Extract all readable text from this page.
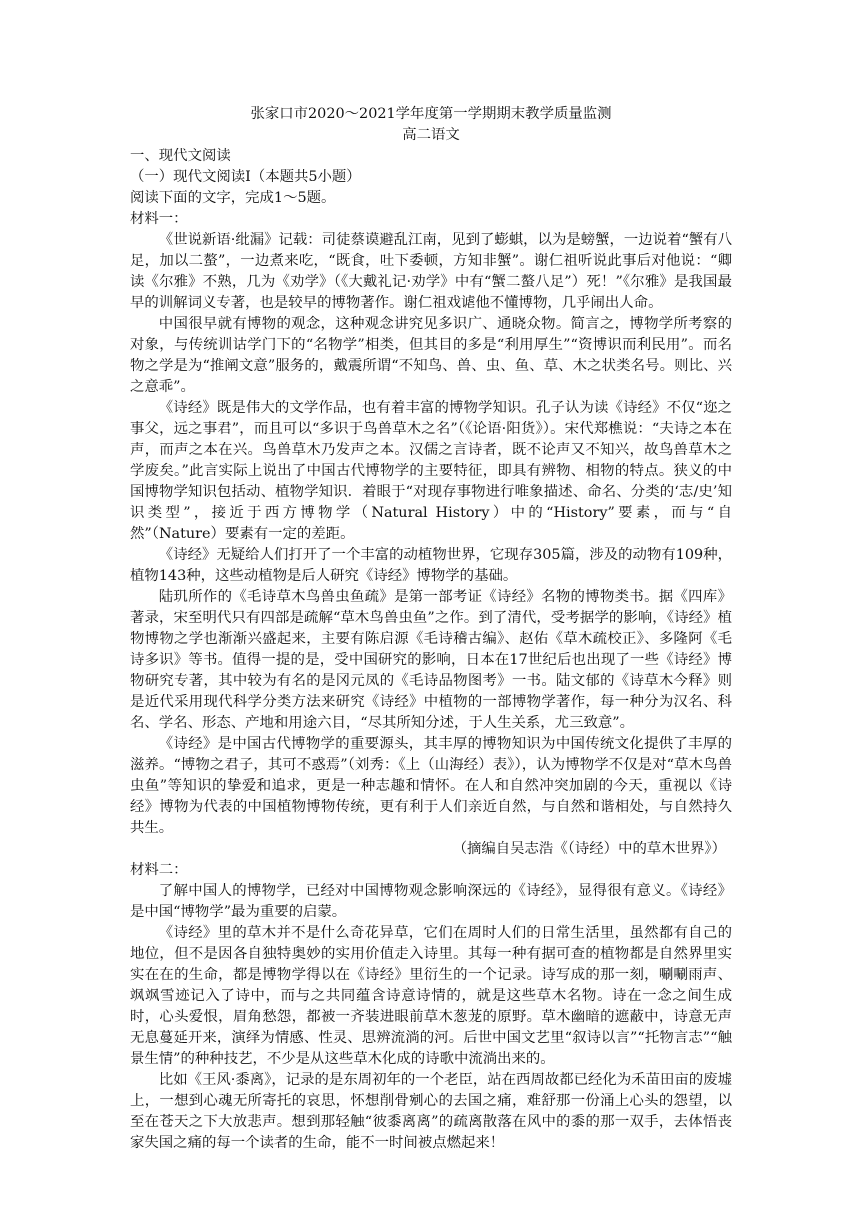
张家口市2020～2021学年度第一学期期末教学质量监测
高二语文
一、现代文阅读
（一）现代文阅读Ⅰ（本题共5小题）
阅读下面的文字，完成1～5题。
材料一：

《世说新语·纰漏》记载：司徒蔡谟避乱江南，见到了蟛蜞，以为是螃蟹，一边说着“蟹有八足，加以二螯”，一边煮来吃，“既食，吐下委顿，方知非蟹”。谢仁祖听说此事后对他说：“卿读《尔雅》不熟，几为《劝学》（《大戴礼记·劝学》中有“蟹二螯八足”）死！”《尔雅》是我国最早的训解词义专著，也是较早的博物著作。谢仁祖戏谑他不懂博物，几乎闹出人命。

中国很早就有博物的观念，这种观念讲究见多识广、通晓众物。简言之，博物学所考察的对象，与传统训诂学门下的“名物学”相类，但其目的多是“利用厚生”“资博识而利民用”。而名物之学是为“推阐文意”服务的，戴震所谓“不知鸟、兽、虫、鱼、草、木之状类名号。则比、兴之意乖”。

《诗经》既是伟大的文学作品，也有着丰富的博物学知识。孔子认为读《诗经》不仅“迩之事父，远之事君”，而且可以“多识于鸟兽草木之名”（《论语·阳货》）。宋代郑樵说：“夫诗之本在声，而声之本在兴。鸟兽草木乃发声之本。汉儒之言诗者，既不论声又不知兴，故鸟兽草木之学废矣。”此言实际上说出了中国古代博物学的主要特征，即具有辨物、相物的特点。狭义的中国博物学知识包括动、植物学知识．着眼于“对现存事物进行唯象描述、命名、分类的‘志/史’知识类型”，接近于西方博物学（Natural History）中的“History”要素，而与“自然”（Nature）要素有一定的差距。

《诗经》无疑给人们打开了一个丰富的动植物世界，它现存305篇，涉及的动物有109种，植物143种，这些动植物是后人研究《诗经》博物学的基础。

陆玑所作的《毛诗草木鸟兽虫鱼疏》是第一部考证《诗经》名物的博物类书。据《四库》著录，宋至明代只有四部是疏解“草木鸟兽虫鱼”之作。到了清代，受考据学的影响，《诗经》植物博物之学也渐渐兴盛起来，主要有陈启源《毛诗稽古编》、赵佑《草木疏校正》、多隆阿《毛诗多识》等书。值得一提的是，受中国研究的影响，日本在17世纪后也出现了一些《诗经》博物研究专著，其中较为有名的是冈元凤的《毛诗品物图考》一书。陆文郁的《诗草木今释》则是近代采用现代科学分类方法来研究《诗经》中植物的一部博物学著作，每一种分为汉名、科名、学名、形态、产地和用途六目，“尽其所知分述，于人生关系，尤三致意”。

《诗经》是中国古代博物学的重要源头，其丰厚的博物知识为中国传统文化提供了丰厚的滋养。“博物之君子，其可不惑焉”（刘秀：《上（山海经）表》），认为博物学不仅是对“草木鸟兽虫鱼”等知识的挚爱和追求，更是一种志趣和情怀。在人和自然冲突加剧的今天，重视以《诗经》博物为代表的中国植物博物传统，更有利于人们亲近自然，与自然和谐相处，与自然持久共生。

（摘编自吴志浩《（诗经）中的草木世界》）
材料二：

了解中国人的博物学，已经对中国博物观念影响深远的《诗经》，显得很有意义。《诗经》是中国“博物学”最为重要的启蒙。

《诗经》里的草木并不是什么奇花异草，它们在周时人们的日常生活里，虽然都有自己的地位，但不是因各自独特奥妙的实用价值走入诗里。其每一种有据可查的植物都是自然界里实实在在的生命，都是博物学得以在《诗经》里衍生的一个记录。诗写成的那一刻，唰唰雨声、飒飒雪迹记入了诗中，而与之共同蕴含诗意诗情的，就是这些草木名物。诗在一念之间生成时，心头爱恨，眉角愁怨，都被一齐装进眼前草木葱茏的原野。草木幽暗的遮蔽中，诗意无声无息蔓延开来，演绎为情感、性灵、思辨流淌的河。后世中国文艺里“叙诗以言”“托物言志”“触景生情”的种种技艺，不少是从这些草木化成的诗歌中流淌出来的。

比如《王风·黍离》，记录的是东周初年的一个老臣，站在西周故都已经化为禾苗田亩的废墟上，一想到心魂无所寄托的哀思，怀想削骨剜心的去国之痛，难舒那一份涌上心头的怨望，以至在苍天之下大放悲声。想到那轻触“彼黍离离”的疏离散落在风中的黍的那一双手，去体悟丧家失国之痛的每一个读者的生命，能不一时间被点燃起来！
